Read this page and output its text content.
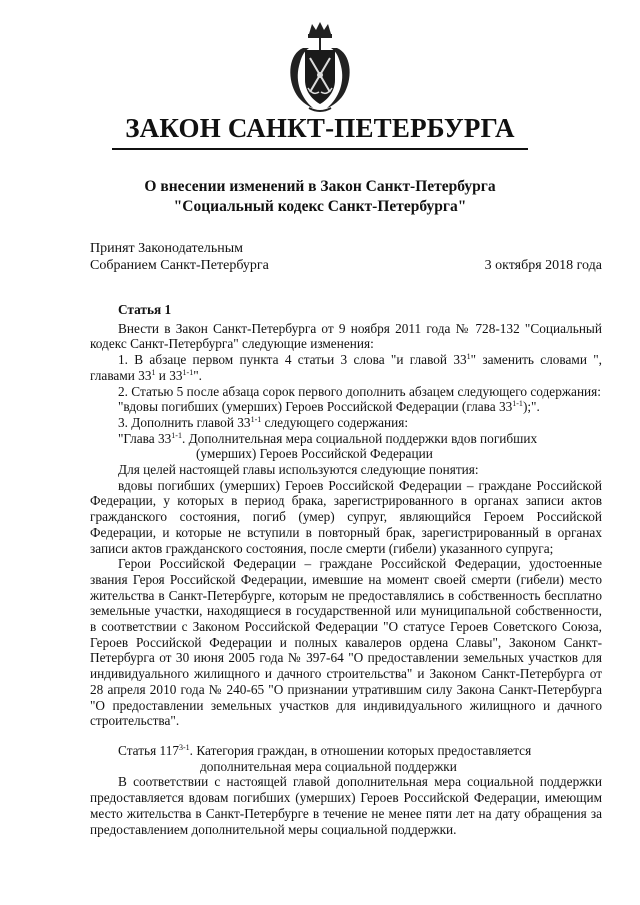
ЗАКОН САНКТ-ПЕТЕРБУРГА
О внесении изменений в Закон Санкт-Петербурга
"Социальный кодекс Санкт-Петербурга"
Принят Законодательным
Собранием Санкт-Петербурга	3 октября 2018 года

Статья 1

Внести в Закон Санкт-Петербурга от 9 ноября 2011 года № 728-132 "Социальный кодекс Санкт-Петербурга" следующие изменения:

1. В абзаце первом пункта 4 статьи 3 слова "и главой $33^1$" заменить словами ", главами $33^1$ и 33$^{1-1}$".

2. Статью 5 после абзаца сорок первого дополнить абзацем следующего содержания:

"вдовы погибших (умерших) Героев Российской Федерации (глава 33$^{1-1}$);".

3. Дополнить главой 33$^{1-1}$ следующего содержания:

"Глава 33$^{1-1}$. Дополнительная мера социальной поддержки вдов погибших

(умерших) Героев Российской Федерации

Для целей настоящей главы используются следующие понятия:

вдовы погибших (умерших) Героев Российской Федерации – граждане Российской Федерации, у которых в период брака, зарегистрированного в органах записи актов гражданского состояния, погиб (умер) супруг, являющийся Героем Российской Федерации, и которые не вступили в повторный брак, зарегистрированный в органах записи актов гражданского состояния, после смерти (гибели) указанного супруга;

Герои Российской Федерации – граждане Российской Федерации, удостоенные звания Героя Российской Федерации, имевшие на момент своей смерти (гибели) место жительства в Санкт-Петербурге, которым не предоставлялись в собственность бесплатно земельные участки, находящиеся в государственной или муниципальной собственности, в соответствии с Законом Российской Федерации "О статусе Героев Советского Союза, Героев Российской Федерации и полных кавалеров ордена Славы", Законом Санкт-Петербурга от 30 июня 2005 года № 397-64 "О предоставлении земельных участков для индивидуального жилищного и дачного строительства" и Законом Санкт-Петербурга от 28 апреля 2010 года № 240-65 "О признании утратившим силу Закона Санкт-Петербурга "О предоставлении земельных участков для индивидуального жилищного и дачного строительства".

Статья 117$^{3-1}$. Категория граждан, в отношении которых предоставляется

дополнительная мера социальной поддержки

В соответствии с настоящей главой дополнительная мера социальной поддержки предоставляется вдовам погибших (умерших) Героев Российской Федерации, имеющим место жительства в Санкт-Петербурге в течение не менее пяти лет на дату обращения за предоставлением дополнительной меры социальной поддержки.
